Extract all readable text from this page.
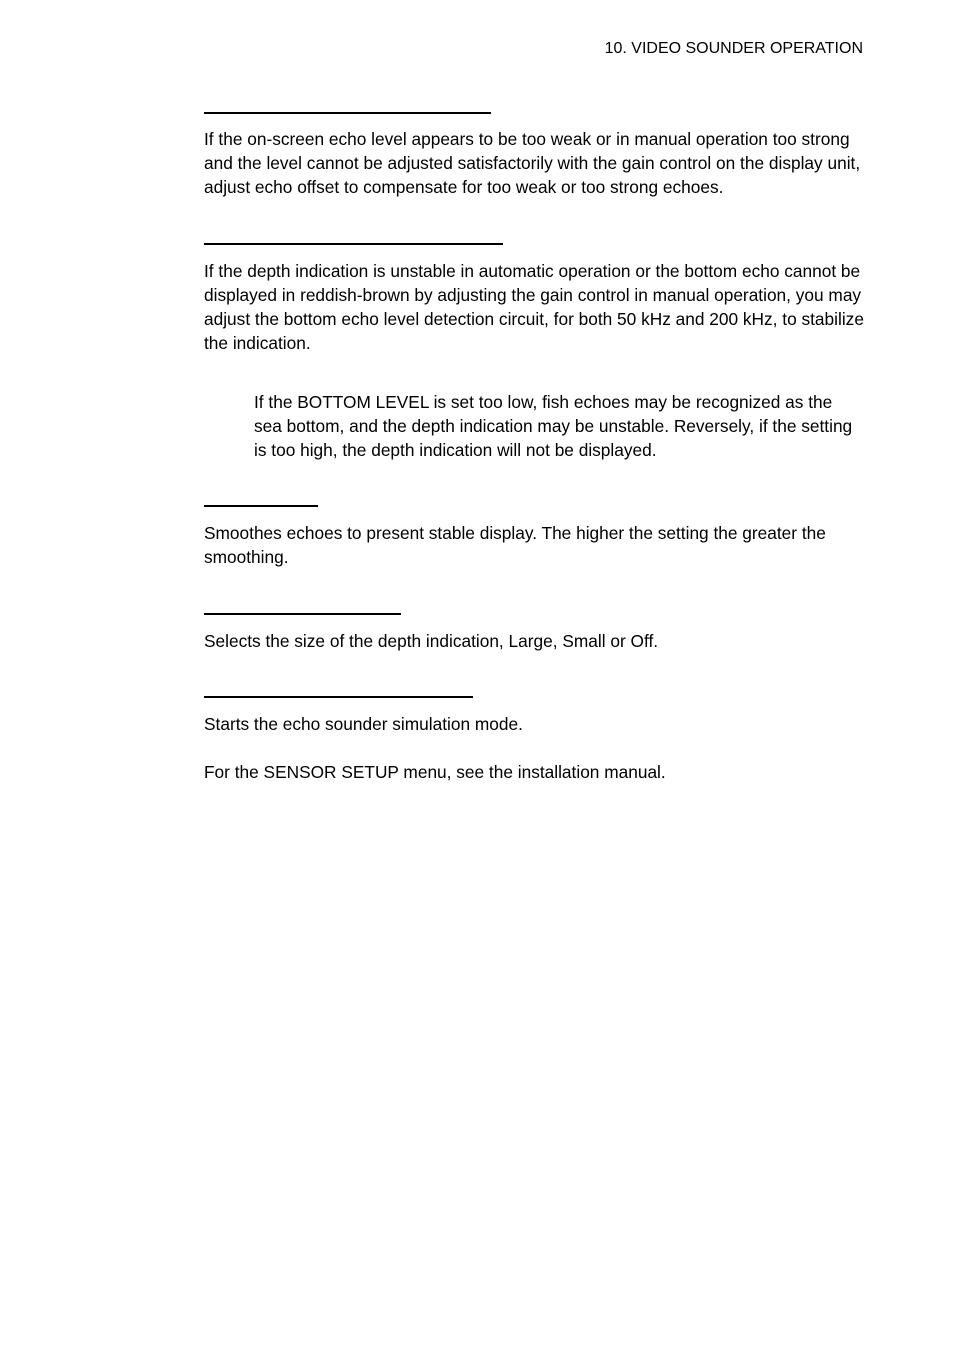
10. VIDEO SOUNDER OPERATION

If the on-screen echo level appears to be too weak or in manual operation too strong and the level cannot be adjusted satisfactorily with the gain control on the display unit, adjust echo offset to compensate for too weak or too strong echoes.

If the depth indication is unstable in automatic operation or the bottom echo cannot be displayed in reddish-brown by adjusting the gain control in manual operation, you may adjust the bottom echo level detection circuit, for both 50 kHz and 200 kHz, to stabilize the indication.

If the BOTTOM LEVEL is set too low, fish echoes may be recognized as the sea bottom, and the depth indication may be unstable. Reversely, if the setting is too high, the depth indication will not be displayed.

Smoothes echoes to present stable display. The higher the setting the greater the smoothing.

Selects the size of the depth indication, Large, Small or Off.

Starts the echo sounder simulation mode.

For the SENSOR SETUP menu, see the installation manual.
